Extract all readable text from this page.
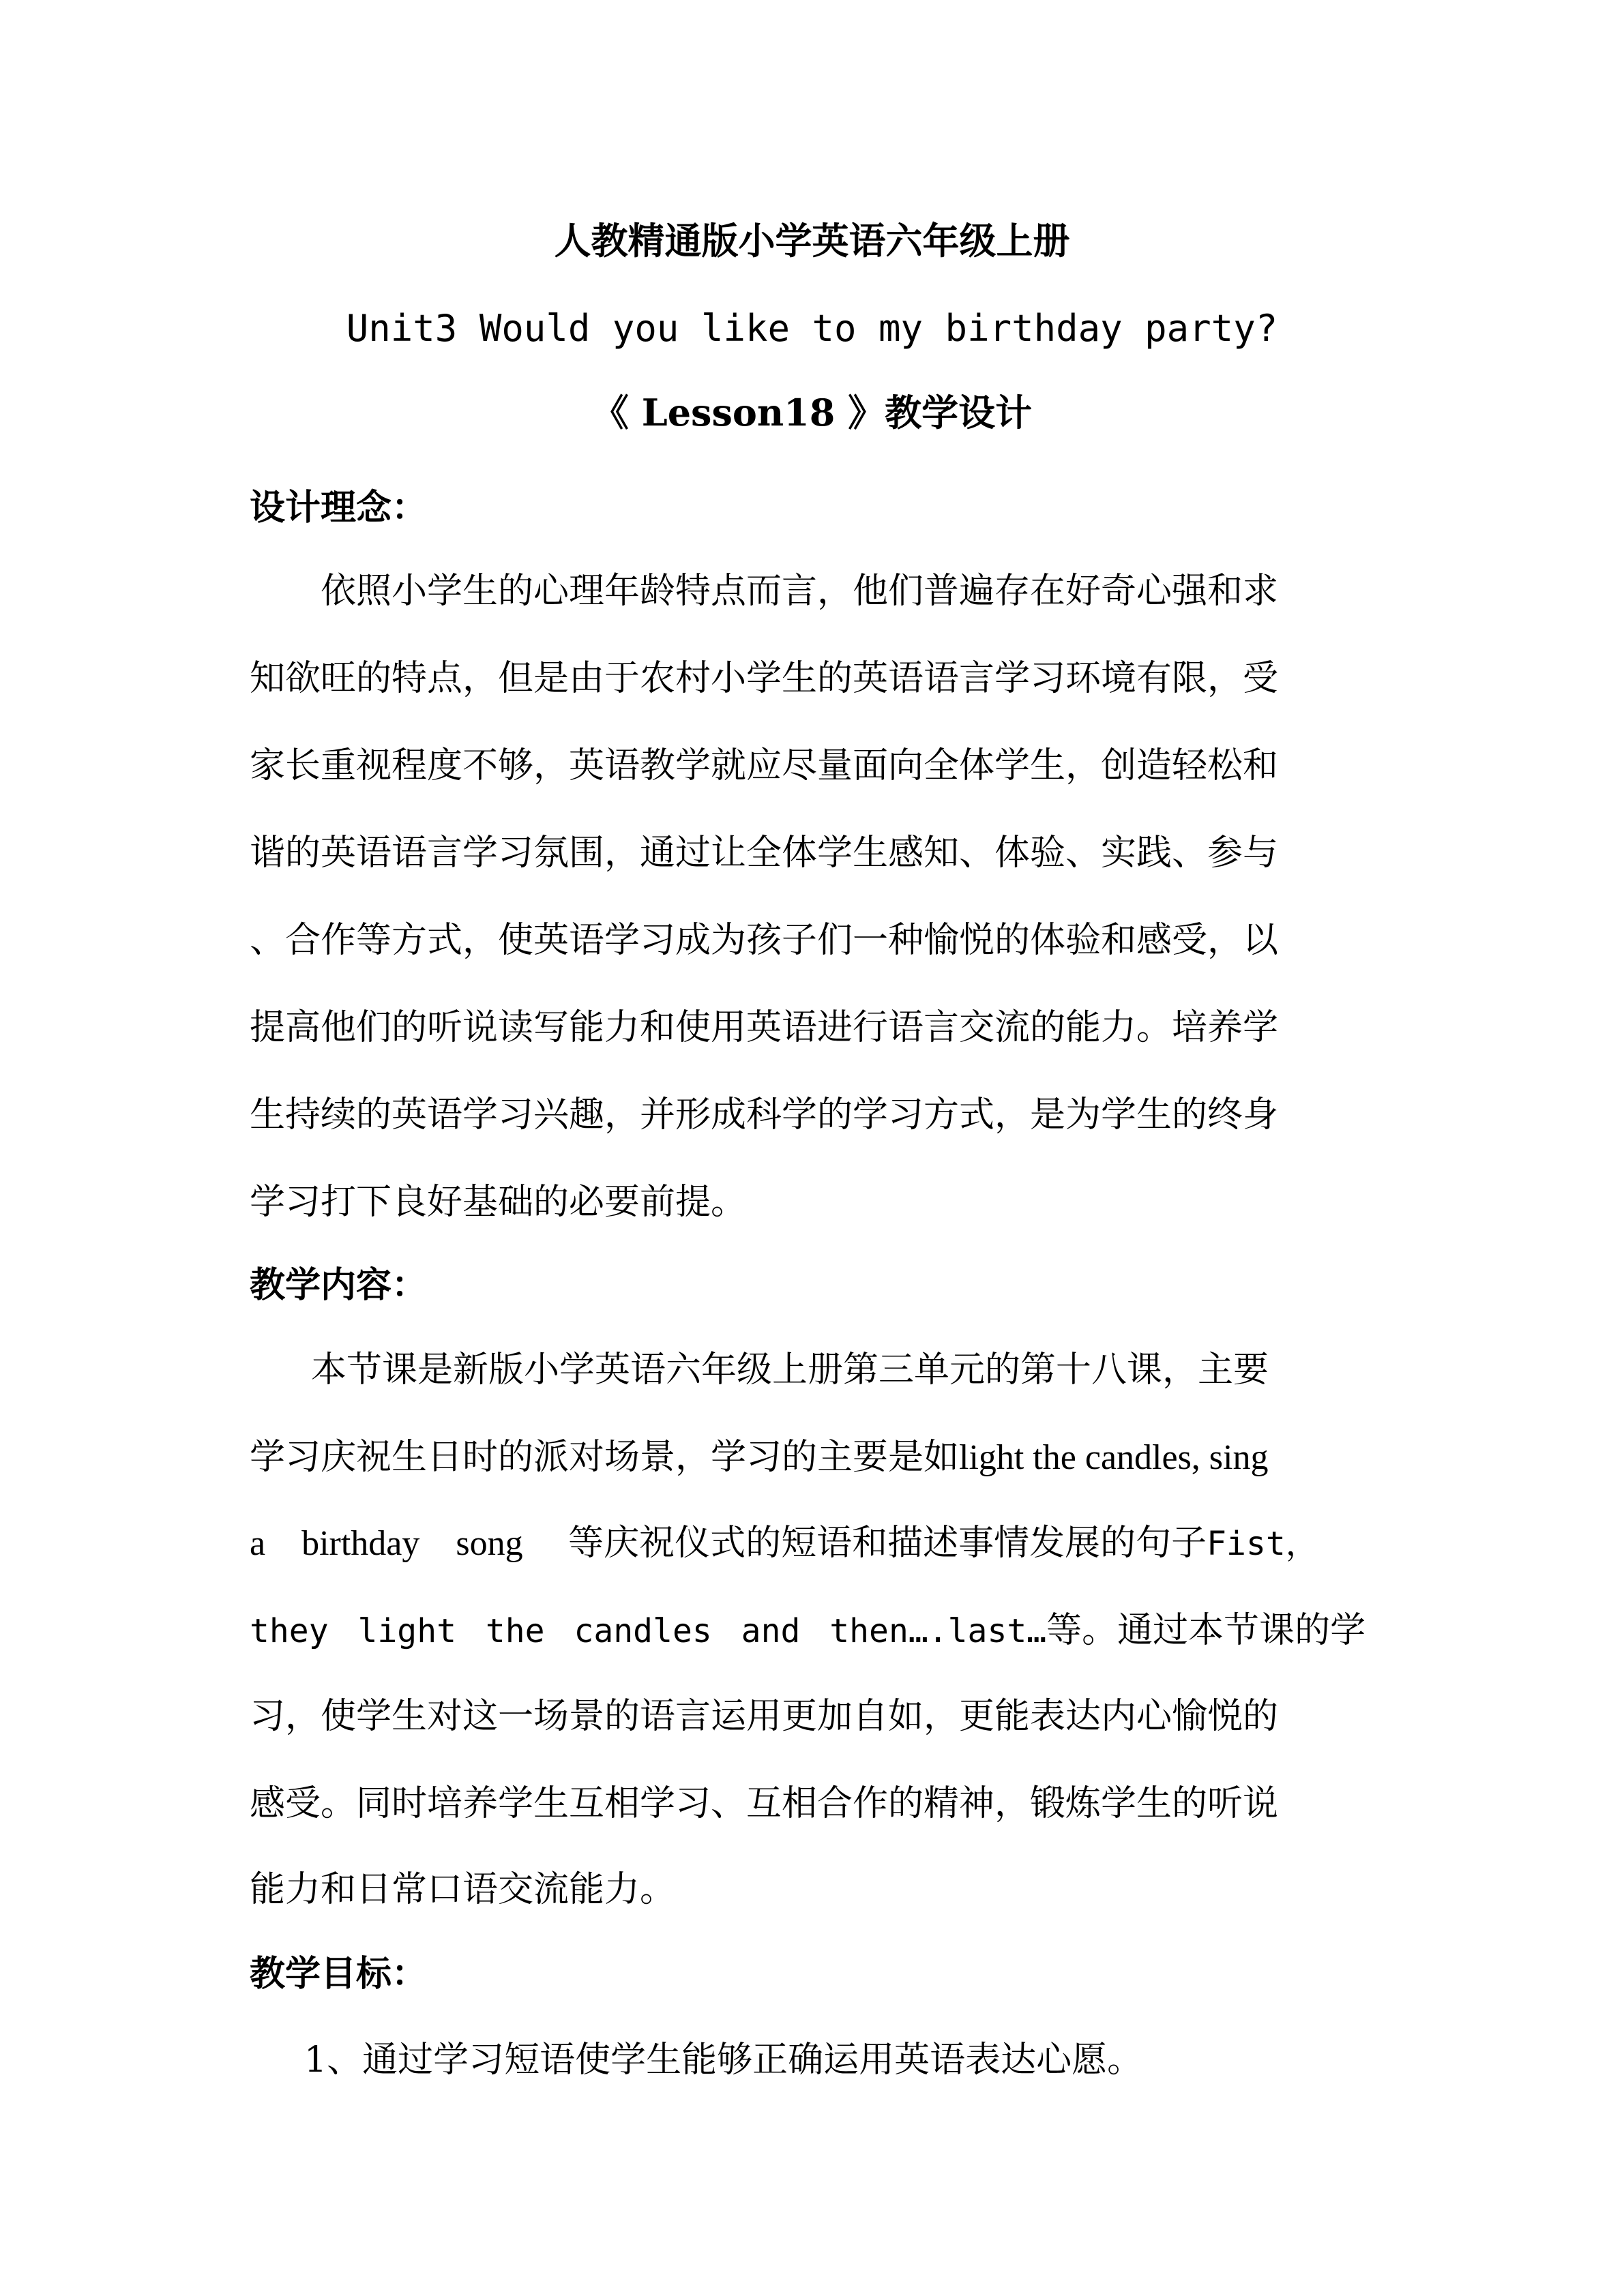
人教精通版小学英语六年级上册
Unit3 Would you like to my birthday party?
《 Lesson18 》教学设计
设计理念：
依照小学生的心理年龄特点而言，他们普遍存在好奇心强和求
知欲旺的特点，但是由于农村小学生的英语语言学习环境有限，受
家长重视程度不够，英语教学就应尽量面向全体学生，创造轻松和
谐的英语语言学习氛围，通过让全体学生感知、体验、实践、参与
、合作等方式，使英语学习成为孩子们一种愉悦的体验和感受，以
提高他们的听说读写能力和使用英语进行语言交流的能力。培养学
生持续的英语学习兴趣，并形成科学的学习方式，是为学生的终身
学习打下良好基础的必要前提。
教学内容：
本节课是新版小学英语六年级上册第三单元的第十八课，主要
学习庆祝生日时的派对场景，学习的主要是如light the candles, sing
a birthday song 等庆祝仪式的短语和描述事情发展的句子Fist，
they light the candles and then….last…等。通过本节课的学
习，使学生对这一场景的语言运用更加自如，更能表达内心愉悦的
感受。同时培养学生互相学习、互相合作的精神，锻炼学生的听说
能力和日常口语交流能力。
教学目标：
1、通过学习短语使学生能够正确运用英语表达心愿。
